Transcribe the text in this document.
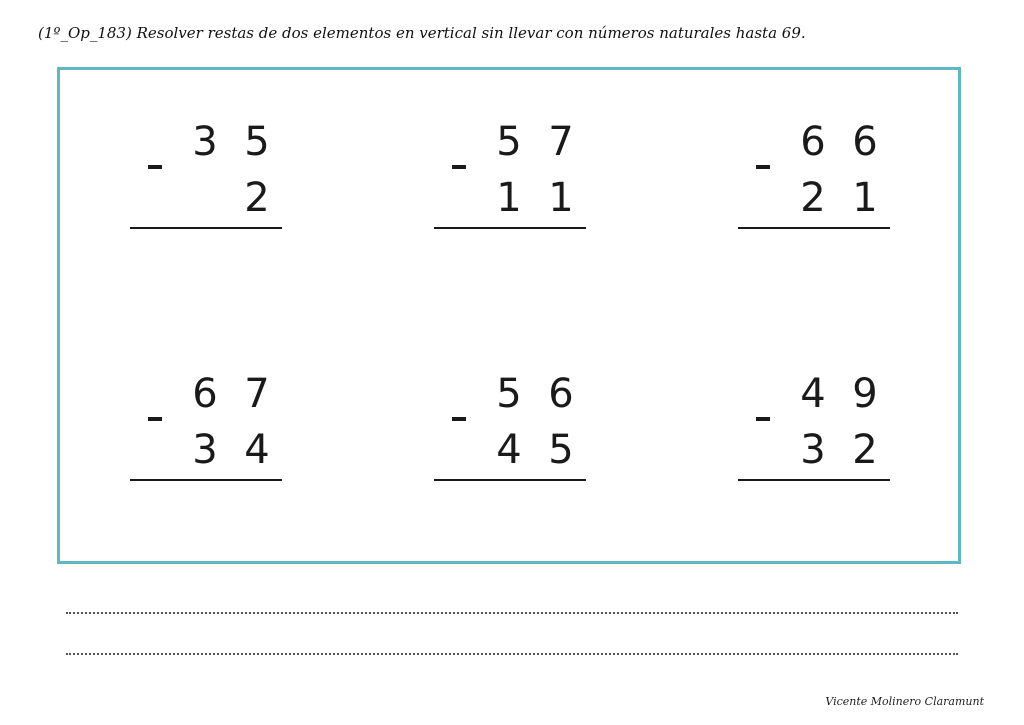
(1º_Op_183) Resolver restas de dos elementos en vertical sin llevar con números naturales hasta 69.
3 5
2
5 7
1 1
6 6
2 1
6 7
3 4
5 6
4 5
4 9
3 2
Vicente Molinero Claramunt
